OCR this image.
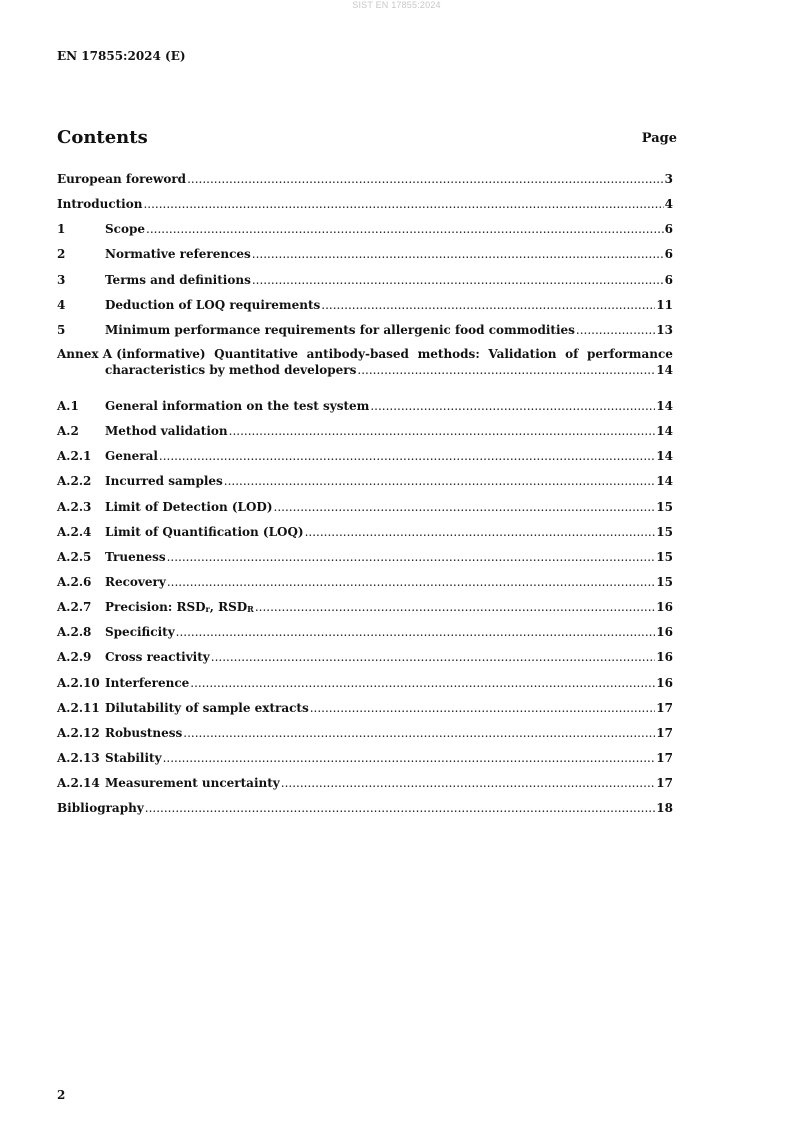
SIST EN 17855:2024
EN 17855:2024 (E)
Contents	Page
European foreword .....	3
Introduction .....	4
1	Scope .....	6
2	Normative references .....	6
3	Terms and definitions .....	6
4	Deduction of LOQ requirements .....	11
5	Minimum performance requirements for allergenic food commodities .....	13
Annex A (informative) Quantitative antibody-based methods: Validation of performance
characteristics by method developers .....	14
A.1	General information on the test system .....	14
A.2	Method validation .....	14
A.2.1	General .....	14
A.2.2	Incurred samples .....	14
A.2.3	Limit of Detection (LOD) .....	15
A.2.4	Limit of Quantification (LOQ) .....	15
A.2.5	Trueness .....	15
A.2.6	Recovery .....	15
A.2.7	Precision: $RSD_r$, $RSD_R$ .....	16
A.2.8	Specificity .....	16
A.2.9	Cross reactivity .....	16
A.2.10 Interference .....	16
A.2.11 Dilutability of sample extracts .....	17
A.2.12 Robustness .....	17
A.2.13 Stability .....	17
A.2.14 Measurement uncertainty .....	17
Bibliography .....	18
2
